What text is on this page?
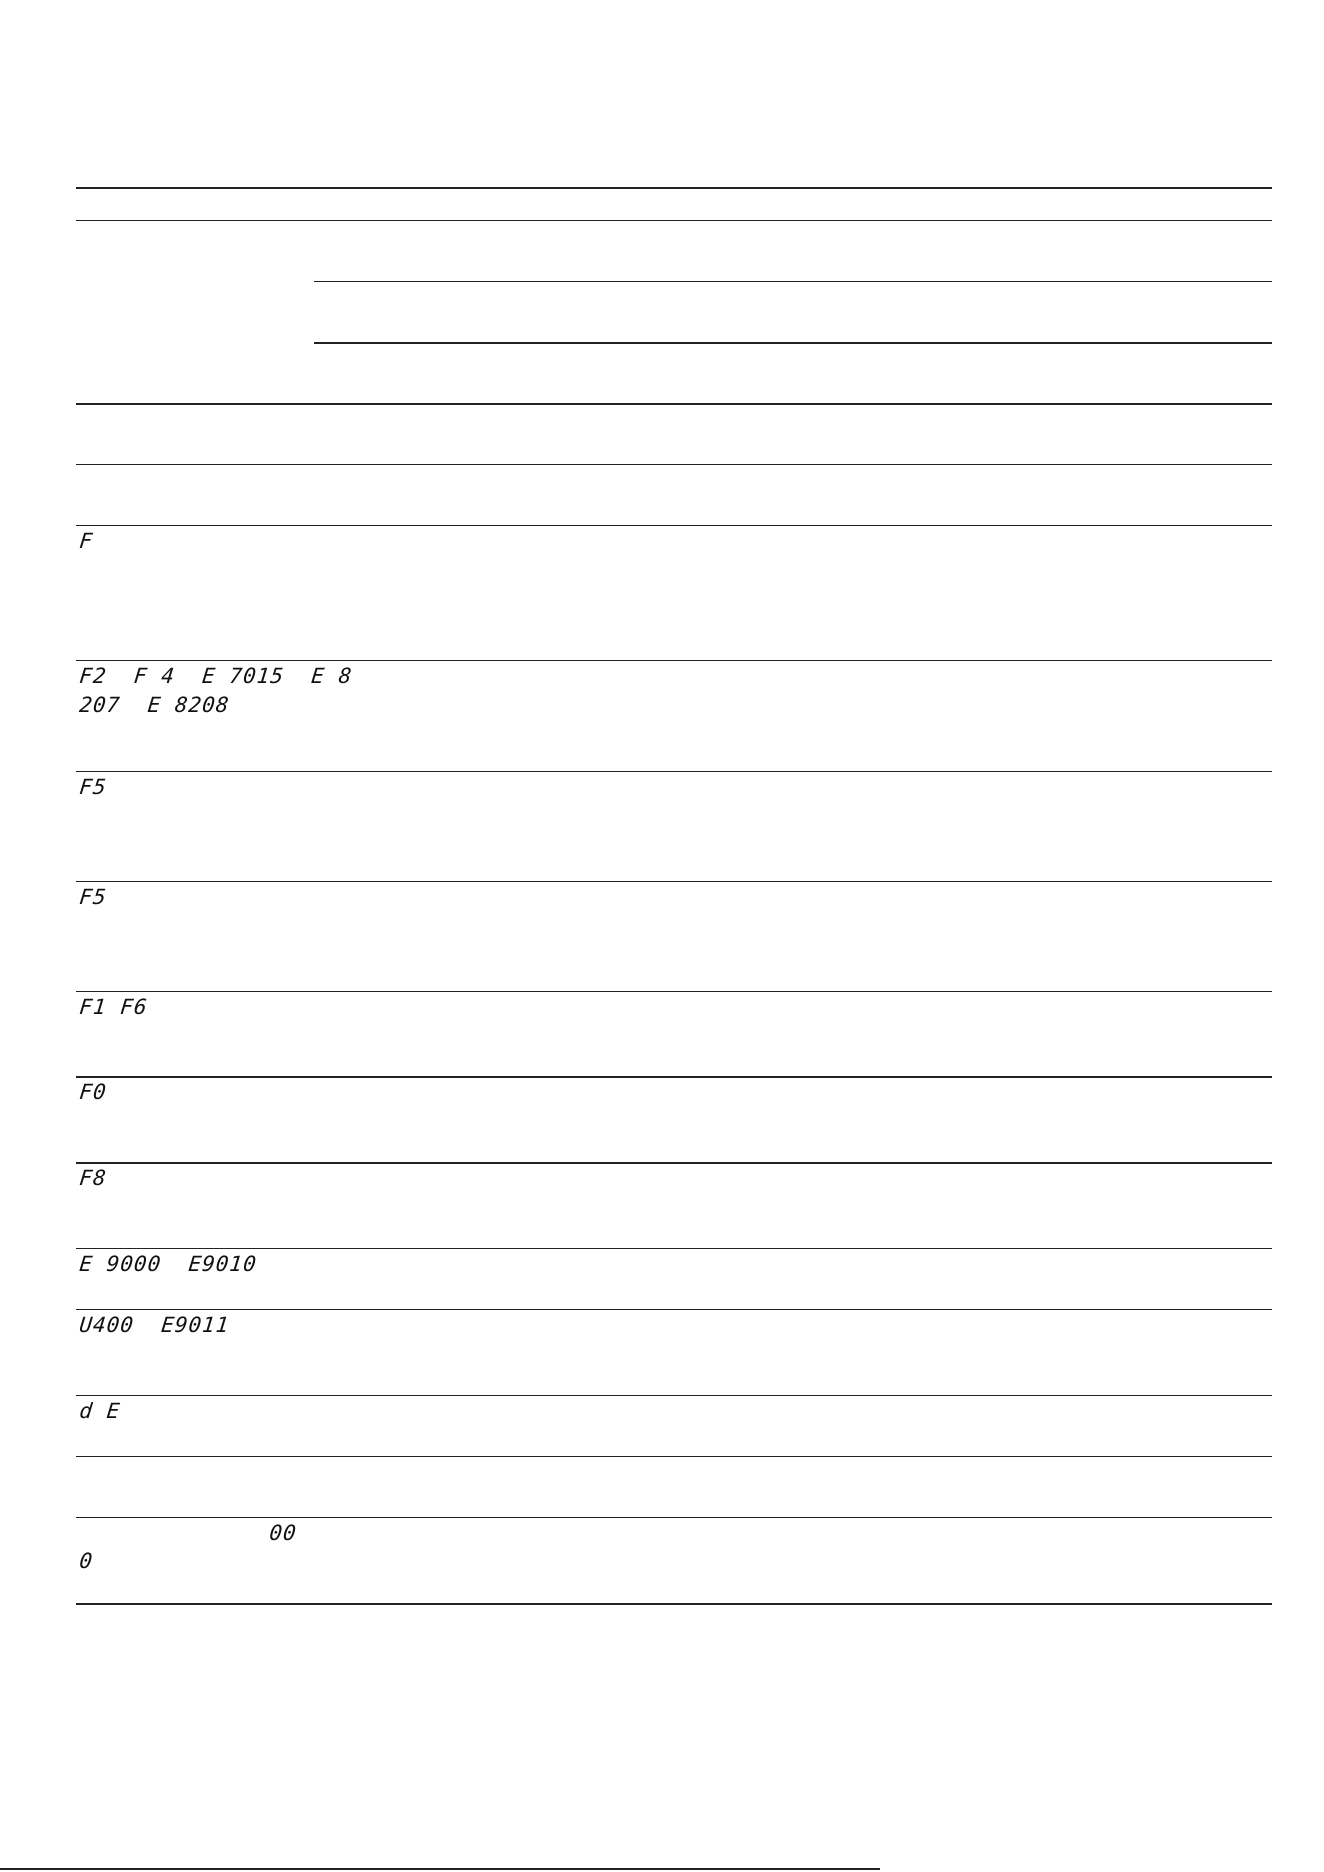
F
F2  F 4  E 7015  E 8
207  E 8208
F5
F5
F1 F6
F0
F8
E 9000  E9010
U400  E9011
d E
00
0
